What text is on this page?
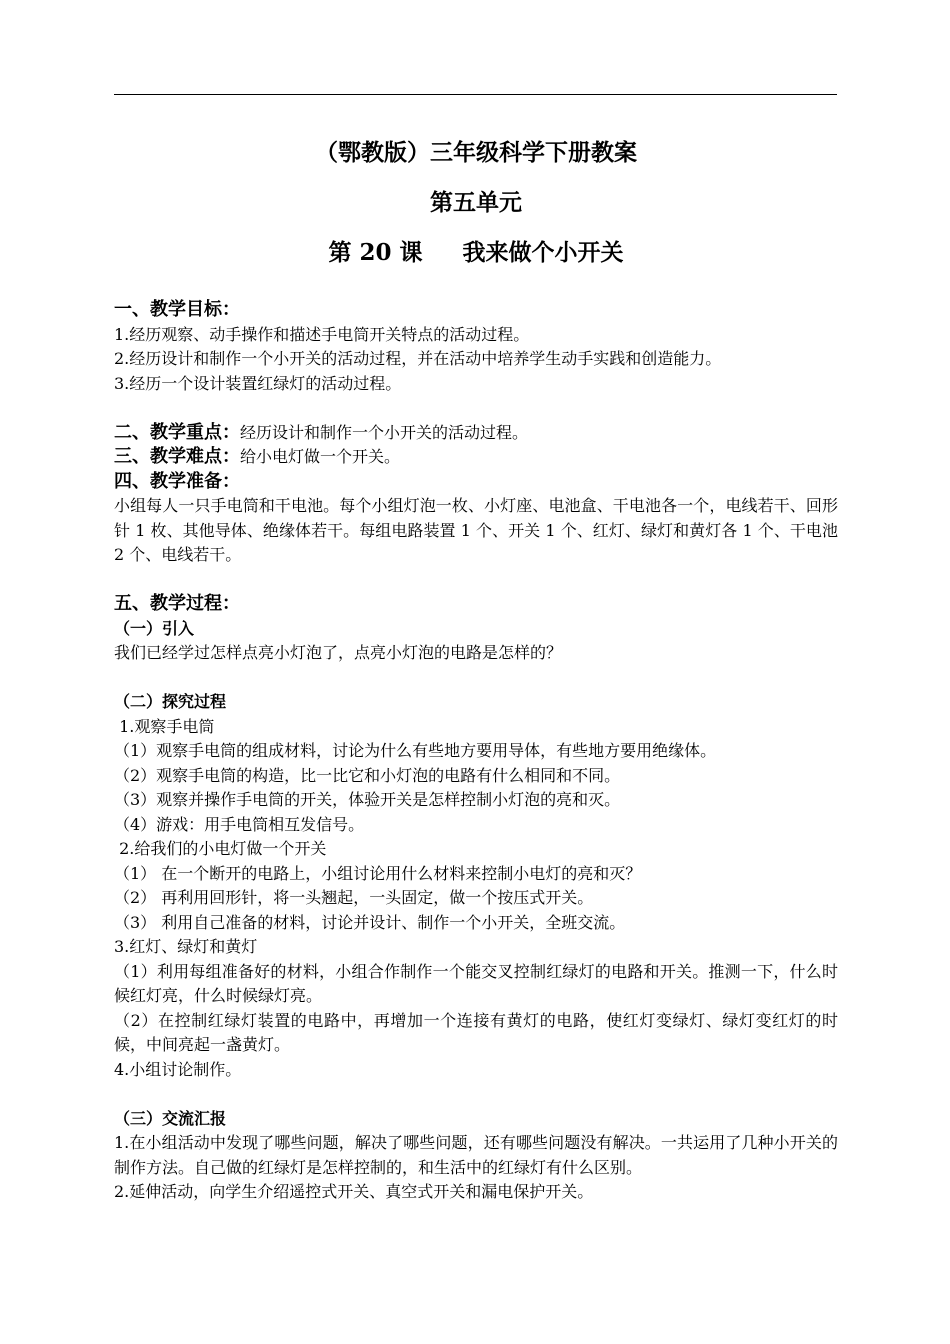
（鄂教版）三年级科学下册教案

第五单元

第 20 课     我来做个小开关

一、教学目标：

1.经历观察、动手操作和描述手电筒开关特点的活动过程。

2.经历设计和制作一个小开关的活动过程，并在活动中培养学生动手实践和创造能力。

3.经历一个设计装置红绿灯的活动过程。

二、教学重点：经历设计和制作一个小开关的活动过程。

三、教学难点：给小电灯做一个开关。

四、教学准备：

小组每人一只手电筒和干电池。每个小组灯泡一枚、小灯座、电池盒、干电池各一个，电线若干、回形针 1 枚、其他导体、绝缘体若干。每组电路装置 1 个、开关 1 个、红灯、绿灯和黄灯各 1 个、干电池 2 个、电线若干。

五、教学过程：

（一）引入

我们已经学过怎样点亮小灯泡了，点亮小灯泡的电路是怎样的？

（二）探究过程

1.观察手电筒

（1）观察手电筒的组成材料，讨论为什么有些地方要用导体，有些地方要用绝缘体。

（2）观察手电筒的构造，比一比它和小灯泡的电路有什么相同和不同。

（3）观察并操作手电筒的开关，体验开关是怎样控制小灯泡的亮和灭。

（4）游戏：用手电筒相互发信号。

2.给我们的小电灯做一个开关

（1） 在一个断开的电路上，小组讨论用什么材料来控制小电灯的亮和灭？

（2） 再利用回形针，将一头翘起，一头固定，做一个按压式开关。

（3） 利用自己准备的材料，讨论并设计、制作一个小开关，全班交流。

3.红灯、绿灯和黄灯

（1）利用每组准备好的材料，小组合作制作一个能交叉控制红绿灯的电路和开关。推测一下，什么时候红灯亮，什么时候绿灯亮。

（2）在控制红绿灯装置的电路中，再增加一个连接有黄灯的电路，使红灯变绿灯、绿灯变红灯的时候，中间亮起一盏黄灯。

4.小组讨论制作。

（三）交流汇报

1.在小组活动中发现了哪些问题，解决了哪些问题，还有哪些问题没有解决。一共运用了几种小开关的制作方法。自己做的红绿灯是怎样控制的，和生活中的红绿灯有什么区别。

2.延伸活动，向学生介绍遥控式开关、真空式开关和漏电保护开关。
